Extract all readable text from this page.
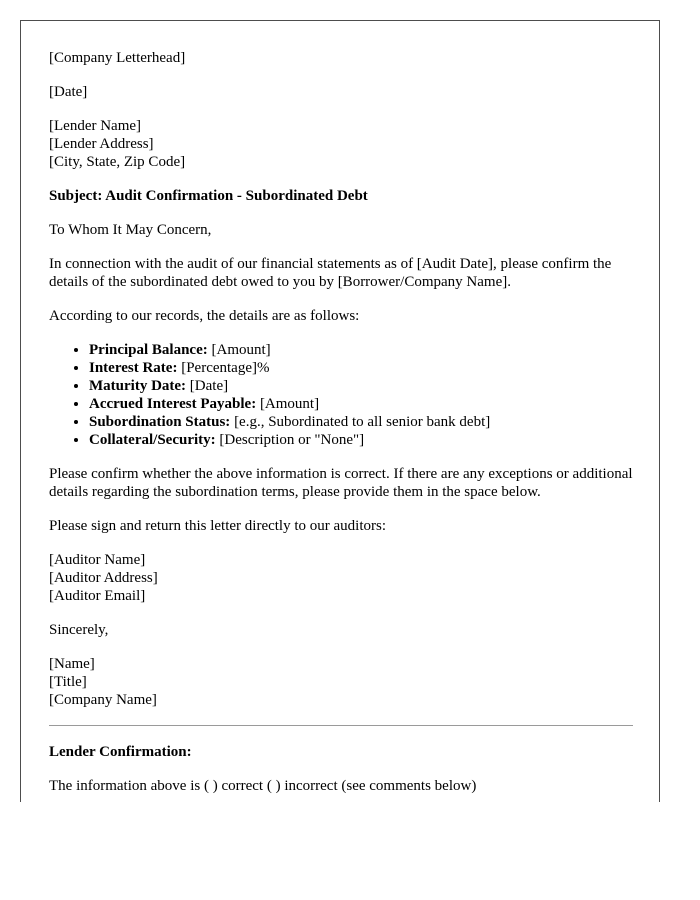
[Company Letterhead]

[Date]

[Lender Name]
[Lender Address]
[City, State, Zip Code]

Subject: Audit Confirmation - Subordinated Debt

To Whom It May Concern,

In connection with the audit of our financial statements as of [Audit Date], please confirm the details of the subordinated debt owed to you by [Borrower/Company Name].

According to our records, the details are as follows:

• Principal Balance: [Amount]
• Interest Rate: [Percentage]%
• Maturity Date: [Date]
• Accrued Interest Payable: [Amount]
• Subordination Status: [e.g., Subordinated to all senior bank debt]
• Collateral/Security: [Description or "None"]

Please confirm whether the above information is correct. If there are any exceptions or additional details regarding the subordination terms, please provide them in the space below.

Please sign and return this letter directly to our auditors:

[Auditor Name]
[Auditor Address]
[Auditor Email]

Sincerely,

[Name]
[Title]
[Company Name]

Lender Confirmation:

The information above is ( ) correct ( ) incorrect (see comments below)
